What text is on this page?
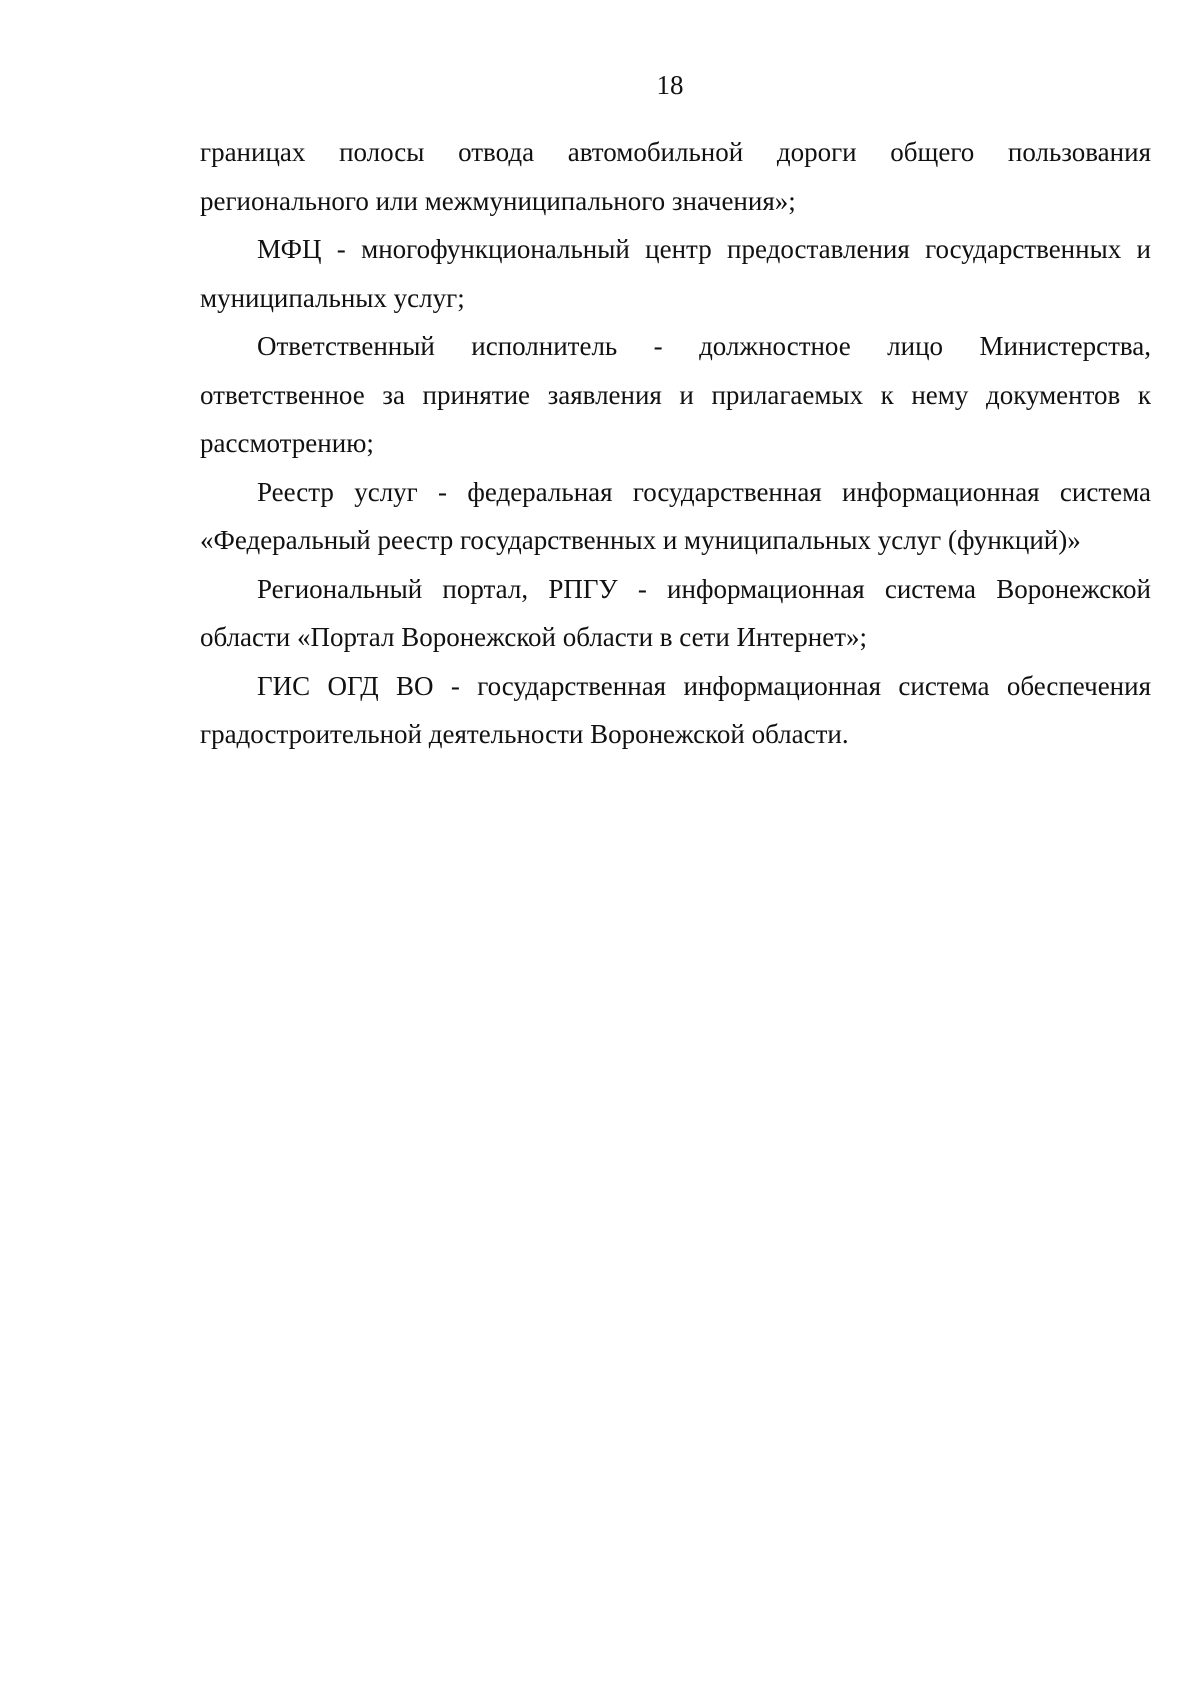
18

границах полосы отвода автомобильной дороги общего пользования регионального или межмуниципального значения»;

МФЦ - многофункциональный центр предоставления государственных и муниципальных услуг;

Ответственный исполнитель - должностное лицо Министерства, ответственное за принятие заявления и прилагаемых к нему документов к рассмотрению;

Реестр услуг - федеральная государственная информационная система «Федеральный реестр государственных и муниципальных услуг (функций)»

Региональный портал, РПГУ - информационная система Воронежской области «Портал Воронежской области в сети Интернет»;

ГИС ОГД ВО - государственная информационная система обеспечения градостроительной деятельности Воронежской области.
